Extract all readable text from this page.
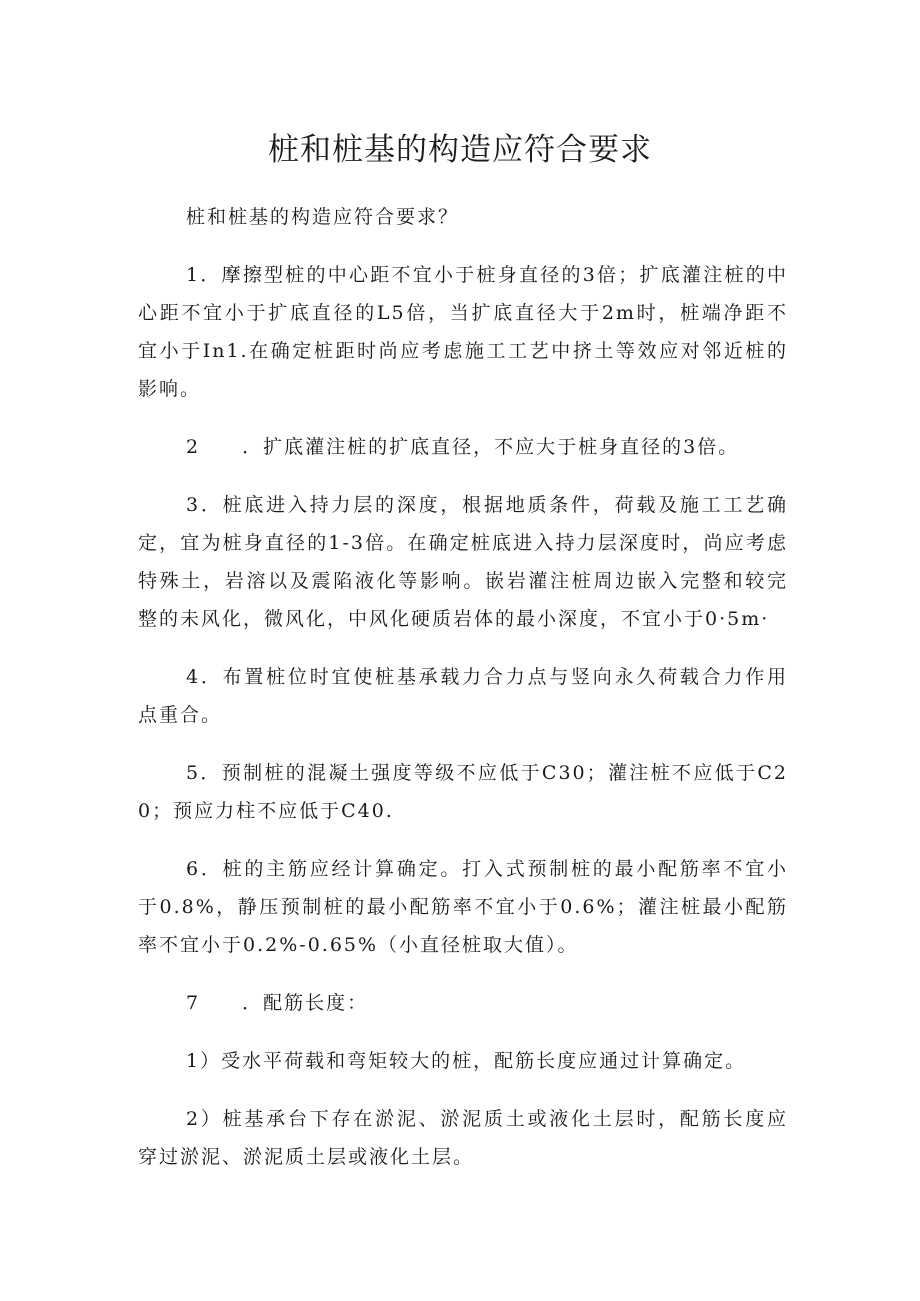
桩和桩基的构造应符合要求

桩和桩基的构造应符合要求？

1．摩擦型桩的中心距不宜小于桩身直径的3倍；扩底灌注桩的中心距不宜小于扩底直径的L5倍，当扩底直径大于2m时，桩端净距不宜小于In1.在确定桩距时尚应考虑施工工艺中挤土等效应对邻近桩的影响。

2　　．扩底灌注桩的扩底直径，不应大于桩身直径的3倍。

3．桩底进入持力层的深度，根据地质条件，荷载及施工工艺确定，宜为桩身直径的1-3倍。在确定桩底进入持力层深度时，尚应考虑特殊土，岩溶以及震陷液化等影响。嵌岩灌注桩周边嵌入完整和较完整的未风化，微风化，中风化硬质岩体的最小深度，不宜小于0·5m·

4．布置桩位时宜使桩基承载力合力点与竖向永久荷载合力作用点重合。

5．预制桩的混凝土强度等级不应低于C30；灌注桩不应低于C20；预应力柱不应低于C40.

6．桩的主筋应经计算确定。打入式预制桩的最小配筋率不宜小于0.8%，静压预制桩的最小配筋率不宜小于0.6%；灌注桩最小配筋率不宜小于0.2%-0.65%（小直径桩取大值）。

7　　．配筋长度：

1）受水平荷载和弯矩较大的桩，配筋长度应通过计算确定。

2）桩基承台下存在淤泥、淤泥质土或液化土层时，配筋长度应穿过淤泥、淤泥质土层或液化土层。
